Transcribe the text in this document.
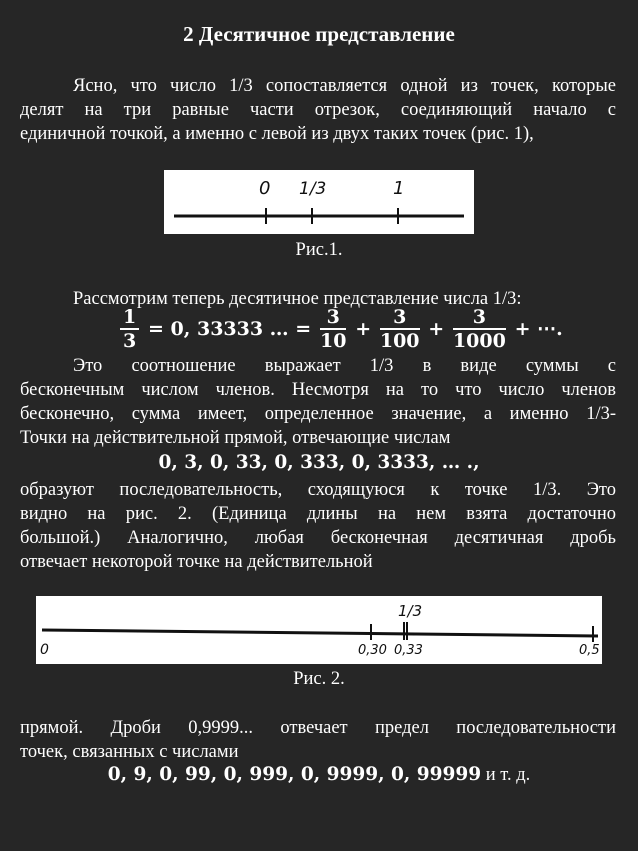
2 Десятичное представление
Ясно, что число 1/3 сопоставляется одной из точек, которые
делят на три равные части отрезок, соединяющий начало с
единичной точкой, а именно с левой из двух таких точек (рис. 1),
0 1/3	1
Рис.1.
Рассмотрим теперь десятичное представление числа 1/3:
$\frac{1}{3} = 0$, 33333 … = $\frac{3}{10} + \frac{3}{100} + \frac{3}{1000}$ + ⋯.
Это соотношение выражает 1/3 в виде суммы с
бесконечным числом членов. Несмотря на то что число членов
бесконечно, сумма имеет, определенное значение, а именно 1/3-
Точки на действительной прямой, отвечающие числам
0, 3, 0, 33, 0, 333, 0, 3333, … .,
образуют последовательность, сходящуюся к точке 1/3. Это
видно на рис. 2. (Единица длины на нем взята достаточно
большой.) Аналогично, любая бесконечная десятичная дробь
отвечает некоторой точке на действительной
1/3
0	0,30 0,33	0,5
Рис. 2.
прямой. Дроби 0,9999... отвечает предел последовательности
точек, связанных с числами
0, 9, 0, 99, 0, 999, 0, 9999, 0, 99999 и т. д.
